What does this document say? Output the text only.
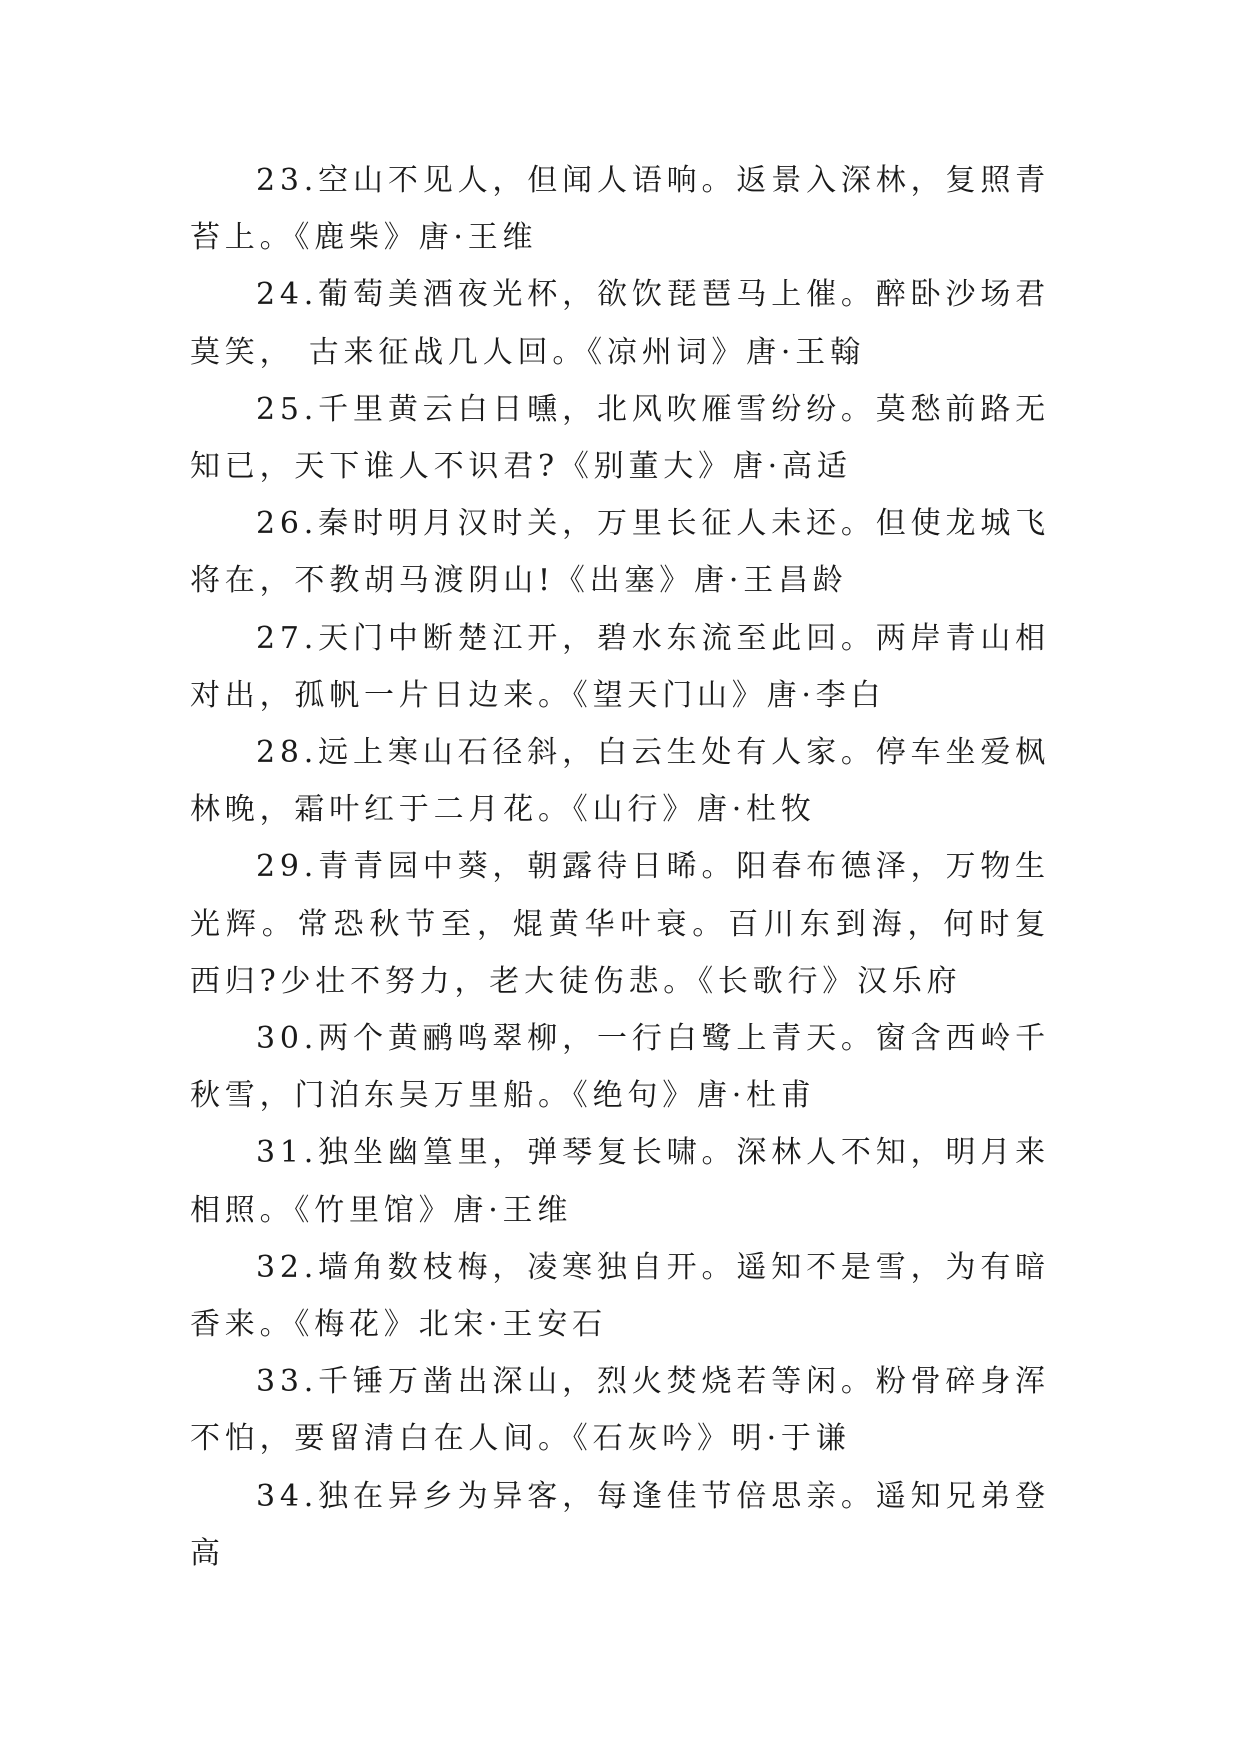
23.空山不见人，但闻人语响。返景入深林，复照青苔上。《鹿柴》唐·王维

24.葡萄美酒夜光杯，欲饮琵琶马上催。醉卧沙场君莫笑， 古来征战几人回。《凉州词》唐·王翰

25.千里黄云白日曛，北风吹雁雪纷纷。莫愁前路无知已，天下谁人不识君?《别董大》唐·高适

26.秦时明月汉时关，万里长征人未还。但使龙城飞将在，不教胡马渡阴山!《出塞》唐·王昌龄

27.天门中断楚江开，碧水东流至此回。两岸青山相对出，孤帆一片日边来。《望天门山》唐·李白

28.远上寒山石径斜，白云生处有人家。停车坐爱枫林晚，霜叶红于二月花。《山行》唐·杜牧

29.青青园中葵，朝露待日晞。阳春布德泽，万物生光辉。常恐秋节至，焜黄华叶衰。百川东到海，何时复西归?少壮不努力，老大徒伤悲。《长歌行》汉乐府

30.两个黄鹂鸣翠柳，一行白鹭上青天。窗含西岭千秋雪，门泊东吴万里船。《绝句》唐·杜甫

31.独坐幽篁里，弹琴复长啸。深林人不知，明月来相照。《竹里馆》唐·王维

32.墙角数枝梅，凌寒独自开。遥知不是雪，为有暗香来。《梅花》北宋·王安石

33.千锤万凿出深山，烈火焚烧若等闲。粉骨碎身浑不怕，要留清白在人间。《石灰吟》明·于谦

34.独在异乡为异客，每逢佳节倍思亲。遥知兄弟登高
